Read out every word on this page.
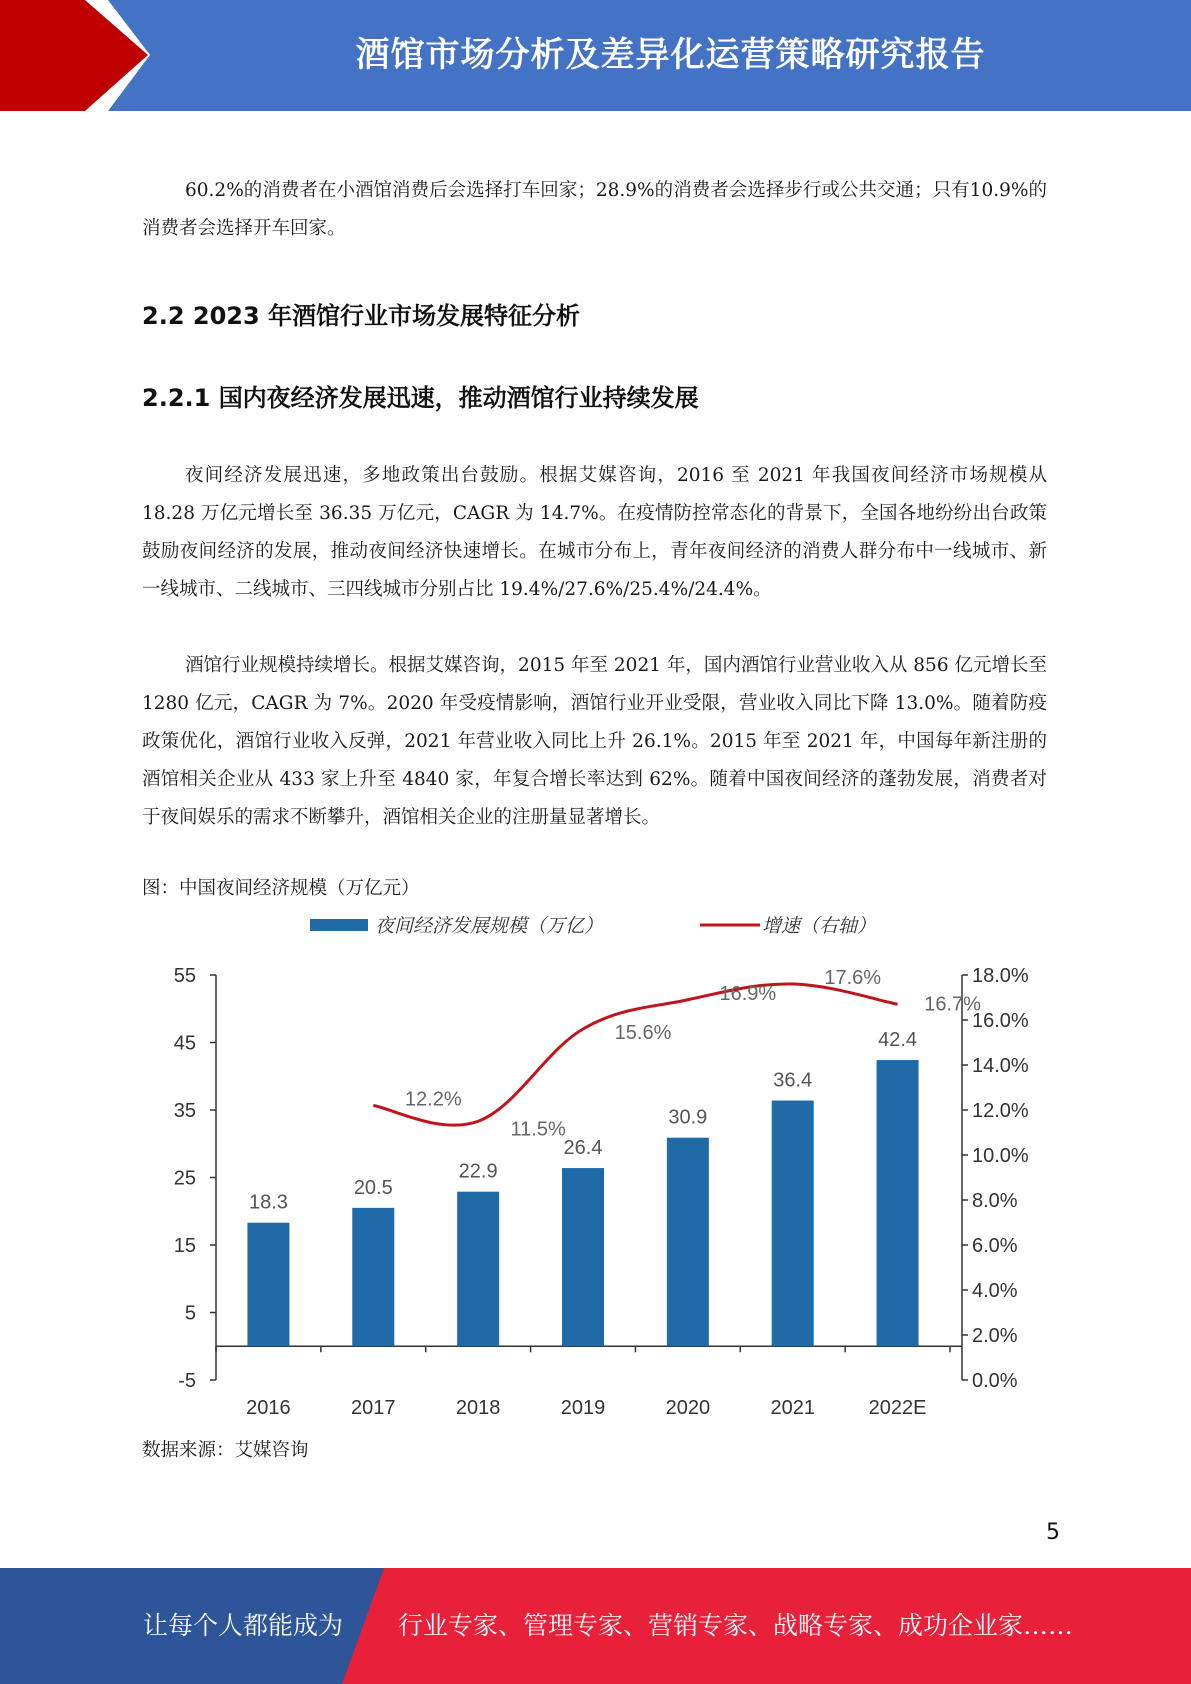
酒馆市场分析及差异化运营策略研究报告

60.2%的消费者在小酒馆消费后会选择打车回家；28.9%的消费者会选择步行或公共交通；只有10.9%的消费者会选择开车回家。

2.2 2023 年酒馆行业市场发展特征分析
2.2.1 国内夜经济发展迅速，推动酒馆行业持续发展

夜间经济发展迅速，多地政策出台鼓励。根据艾媒咨询，2016 至 2021 年我国夜间经济市场规模从 18.28 万亿元增长至 36.35 万亿元，CAGR 为 14.7%。在疫情防控常态化的背景下，全国各地纷纷出台政策鼓励夜间经济的发展，推动夜间经济快速增长。在城市分布上，青年夜间经济的消费人群分布中一线城市、新一线城市、二线城市、三四线城市分别占比 19.4%/27.6%/25.4%/24.4%。

酒馆行业规模持续增长。根据艾媒咨询，2015 年至 2021 年，国内酒馆行业营业收入从 856 亿元增长至 1280 亿元，CAGR 为 7%。2020 年受疫情影响，酒馆行业开业受限，营业收入同比下降 13.0%。随着防疫政策优化，酒馆行业收入反弹，2021 年营业收入同比上升 26.1%。2015 年至 2021 年，中国每年新注册的酒馆相关企业从 433 家上升至 4840 家，年复合增长率达到 62%。随着中国夜间经济的蓬勃发展，消费者对于夜间娱乐的需求不断攀升，酒馆相关企业的注册量显著增长。

图：中国夜间经济规模（万亿元）

夜间经济发展规模（万亿）	增速（右轴）
55
45
35
25
15
5
-5
18.0%
16.0%
14.0%
12.0%
10.0%
8.0%
6.0%
4.0%
2.0%
0.0%
2016	2017	2018	2019	2020	2021	2022E
18.3
20.5
22.9
26.4
30.9
36.4
42.4
12.2%
11.5%
15.6%
16.9%
17.6%
16.7%

数据来源：艾媒咨询

5
让每个人都能成为 行业专家、管理专家、营销专家、战略专家、成功企业家……
